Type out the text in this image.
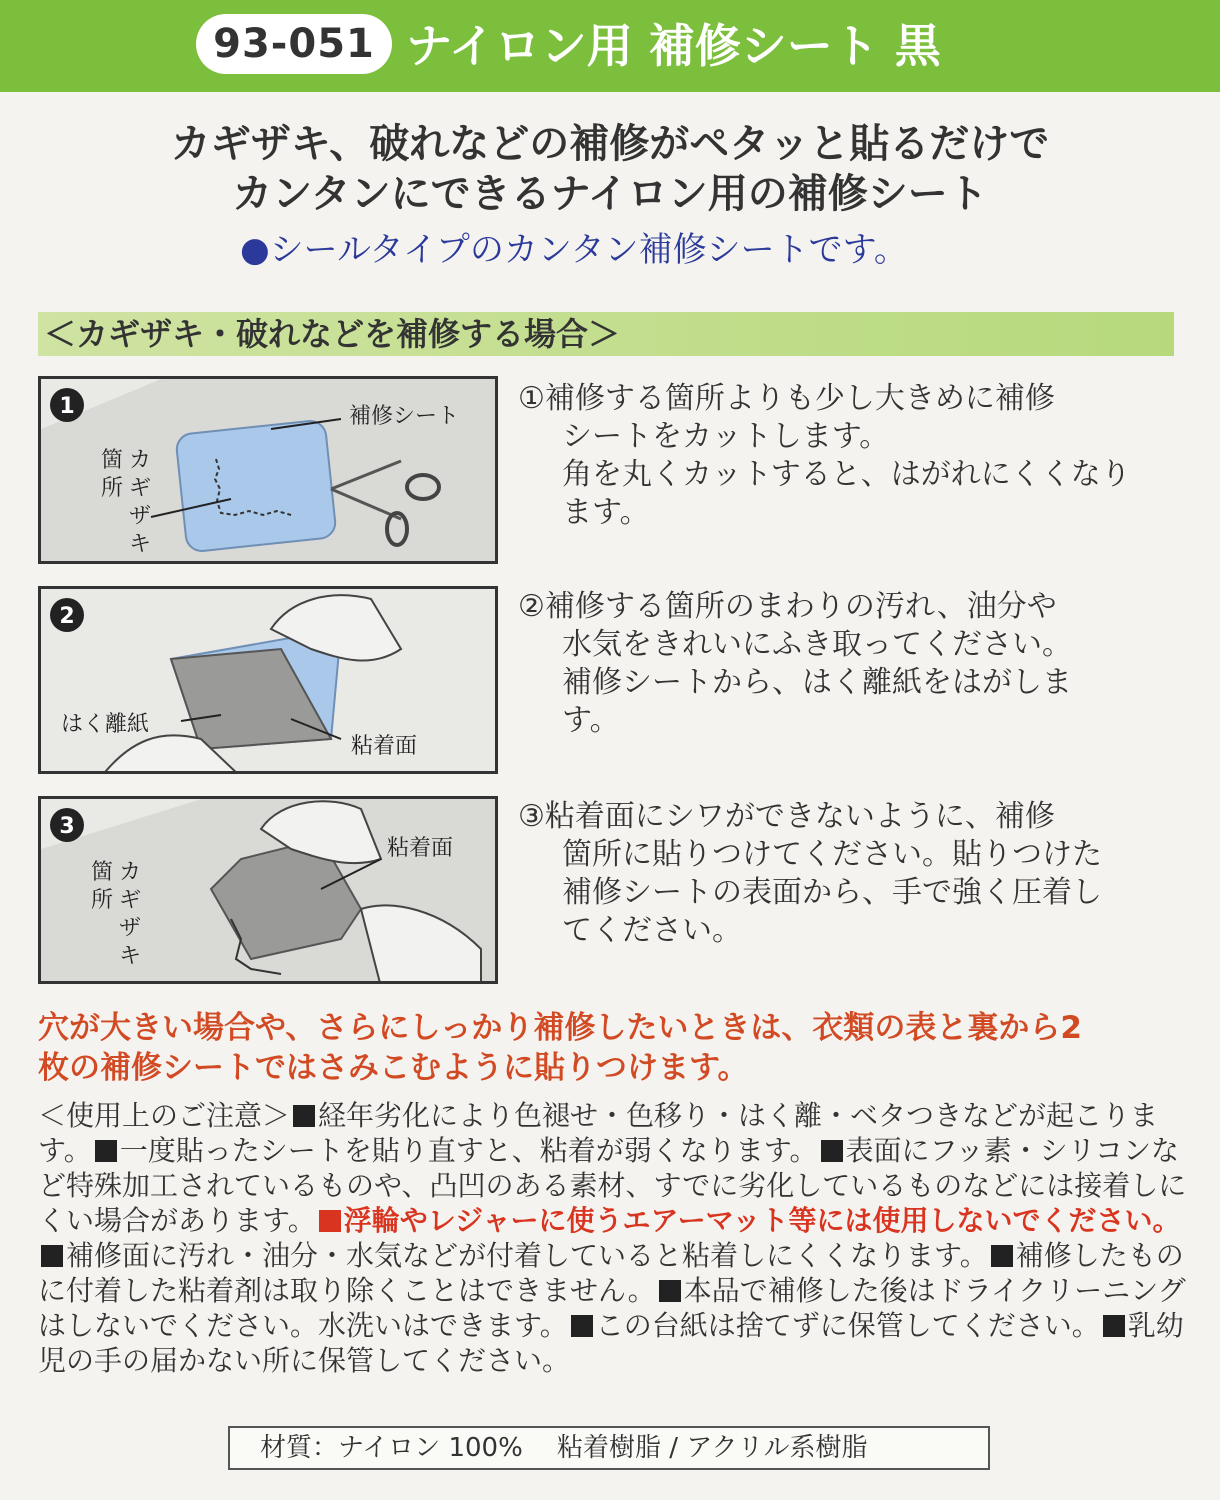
93-051 ナイロン用 補修シート 黒
カギザキ、破れなどの補修がペタッと貼るだけで
カンタンにできるナイロン用の補修シート
●シールタイプのカンタン補修シートです。
＜カギザキ・破れなどを補修する場合＞
1	補修シート
箇
所
カ
ギ
ザ
キ

①補修する箇所よりも少し大きめに補修

シートをカットします。

角を丸くカットすると、はがれにくくなり

ます。

2
はく離紙
粘着面

②補修する箇所のまわりの汚れ、油分や

水気をきれいにふき取ってください。

補修シートから、はく離紙をはがしま

す。

3
粘着面
箇
所
カ
ギ
ザ
キ

③粘着面にシワができないように、補修

箇所に貼りつけてください。貼りつけた

補修シートの表面から、手で強く圧着し

てください。

穴が大きい場合や、さらにしっかり補修したいときは、衣類の表と裏から2
枚の補修シートではさみこむように貼りつけます。
＜使用上のご注意＞ 経年劣化により色褪せ・色移り・はく離・ベタつきなどが起こります。 一度貼ったシートを貼り直すと、粘着が弱くなります。 表面にフッ素・シリコンなど特殊加工されているものや、凸凹のある素材、すでに劣化しているものなどには接着しにくい場合があります。 浮輪やレジャーに使うエアーマット等には使用しないでください。補修面に汚れ・油分・水気などが付着していると粘着しにくくなります。 補修したものに付着した粘着剤は取り除くことはできません。 本品で補修した後はドライクリーニングはしないでください。水洗いはできます。 この台紙は捨てずに保管してください。 乳幼児の手の届かない所に保管してください。
材質：ナイロン 100%　 粘着樹脂 / アクリル系樹脂
